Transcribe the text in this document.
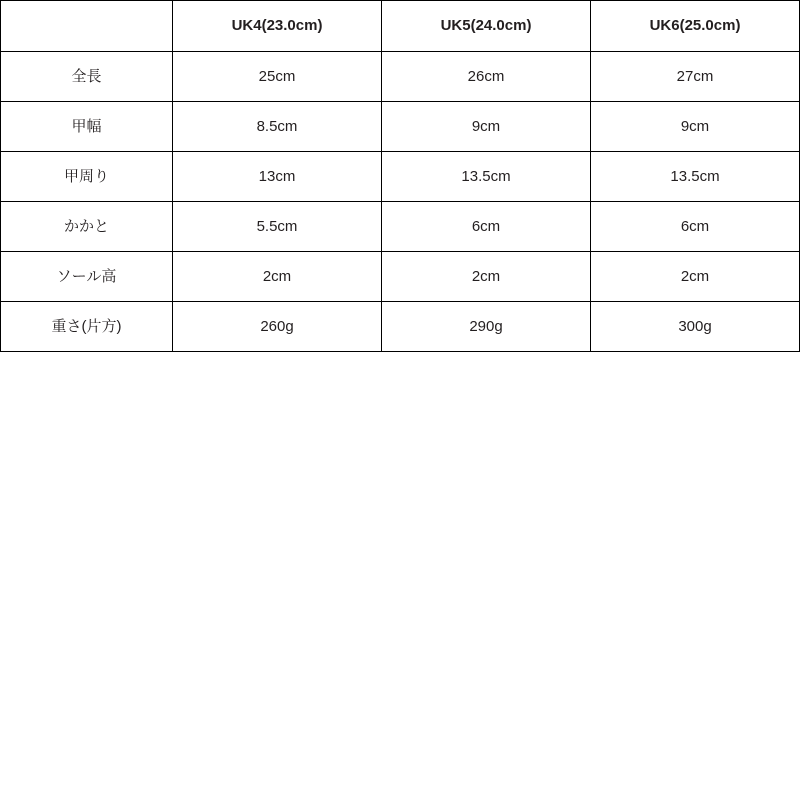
	UK4(23.0cm)	UK5(24.0cm)	UK6(25.0cm)
全長	25cm	26cm	27cm
甲幅	8.5cm	9cm	9cm
甲周り	13cm	13.5cm	13.5cm
かかと	5.5cm	6cm	6cm
ソール高	2cm	2cm	2cm
重さ(片方)	260g	290g	300g
